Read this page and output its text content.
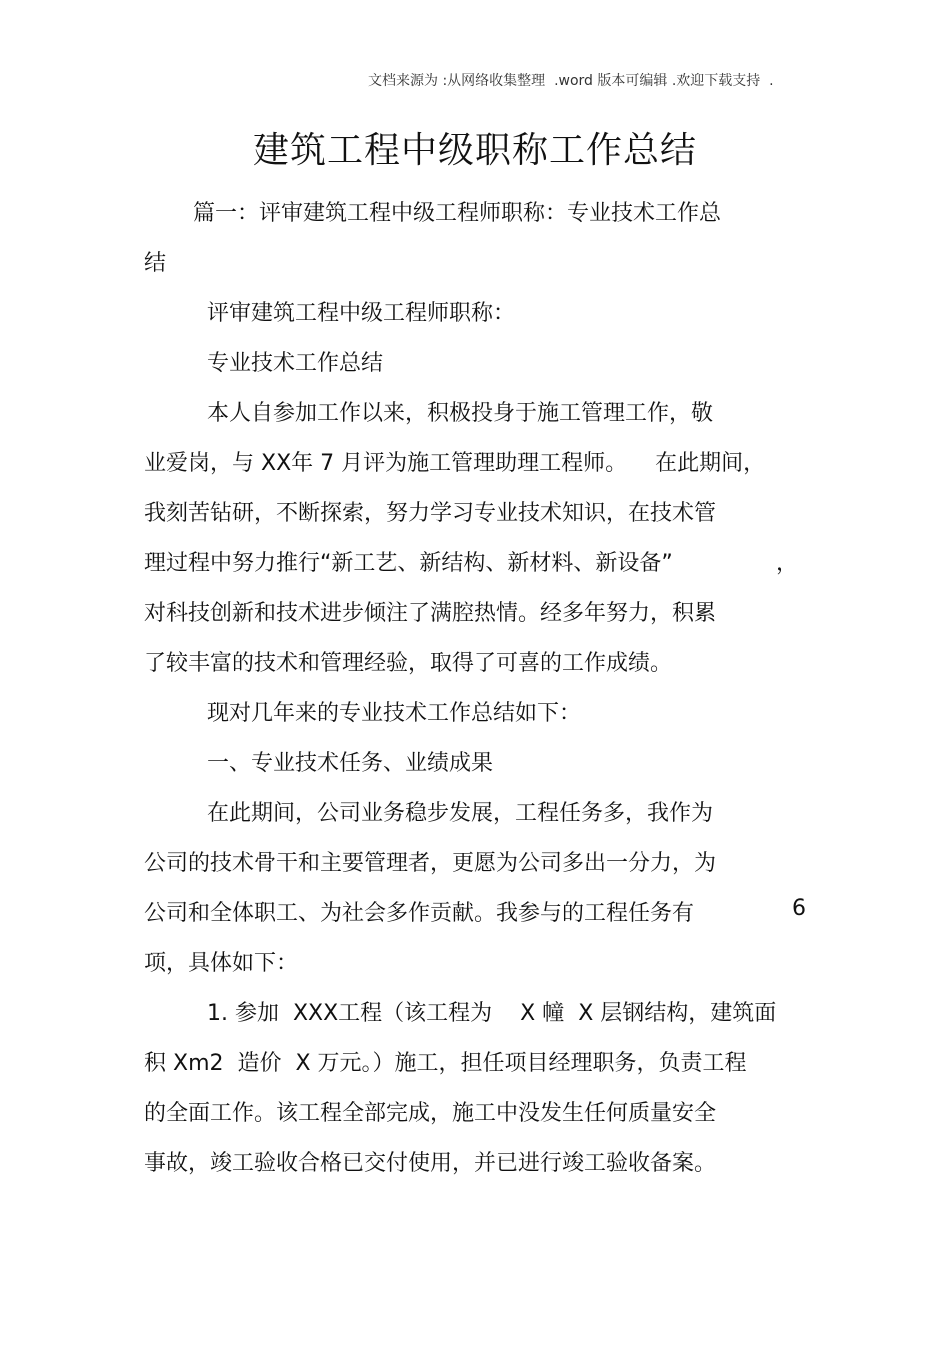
文档来源为 :从网络收集整理  .word 版本可编辑 .欢迎下载支持  .
建筑工程中级职称工作总结
篇一：评审建筑工程中级工程师职称：专业技术工作总
结
评审建筑工程中级工程师职称：
专业技术工作总结
本人自参加工作以来，积极投身于施工管理工作，敬
业爱岗，与 XX年 7 月评为施工管理助理工程师。    在此期间，
我刻苦钻研，不断探索，努力学习专业技术知识，在技术管
理过程中努力推行“新工艺、新结构、新材料、新设备”	，
对科技创新和技术进步倾注了满腔热情。经多年努力，积累
了较丰富的技术和管理经验，取得了可喜的工作成绩。
现对几年来的专业技术工作总结如下：
一、专业技术任务、业绩成果
在此期间，公司业务稳步发展，工程任务多，我作为
公司的技术骨干和主要管理者，更愿为公司多出一分力，为
公司和全体职工、为社会多作贡献。我参与的工程任务有	6
项，具体如下：
1. 参加  XXX工程（该工程为    X 幢  X 层钢结构，建筑面
积 Xm2  造价  X 万元。）施工，担任项目经理职务，负责工程
的全面工作。该工程全部完成，施工中没发生任何质量安全
事故，竣工验收合格已交付使用，并已进行竣工验收备案。
